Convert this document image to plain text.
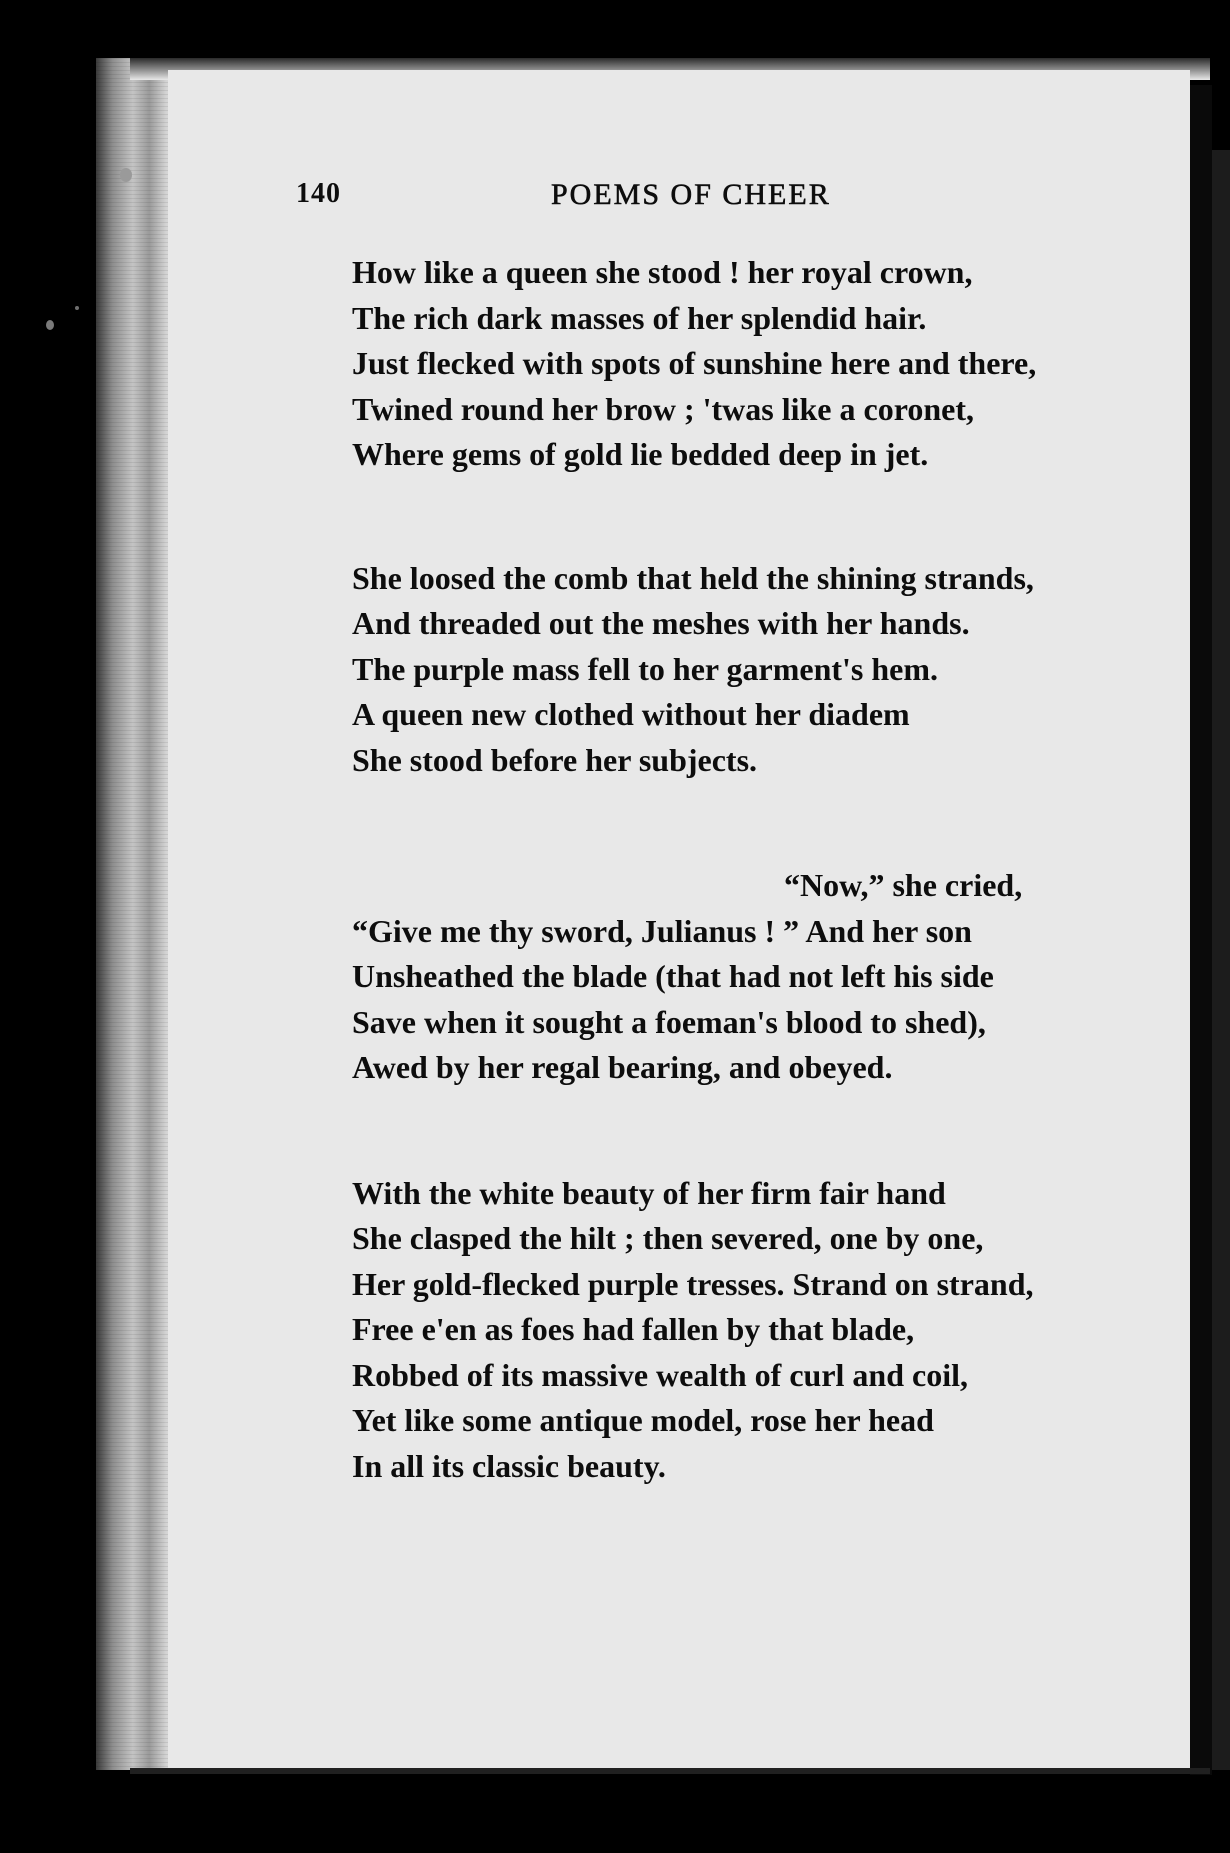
140	POEMS OF CHEER
How like a queen she stood ! her royal crown,
The rich dark masses of her splendid hair.
Just flecked with spots of sunshine here and there,
Twined round her brow ; 'twas like a coronet,
Where gems of gold lie bedded deep in jet.
She loosed the comb that held the shining strands,
And threaded out the meshes with her hands.
The purple mass fell to her garment's hem.
A queen new clothed without her diadem
She stood before her subjects.
“Now,” she cried,
“Give me thy sword, Julianus ! ” And her son
Unsheathed the blade (that had not left his side
Save when it sought a foeman's blood to shed),
Awed by her regal bearing, and obeyed.
With the white beauty of her firm fair hand
She clasped the hilt ; then severed, one by one,
Her gold-flecked purple tresses. Strand on strand,
Free e'en as foes had fallen by that blade,
Robbed of its massive wealth of curl and coil,
Yet like some antique model, rose her head
In all its classic beauty.
